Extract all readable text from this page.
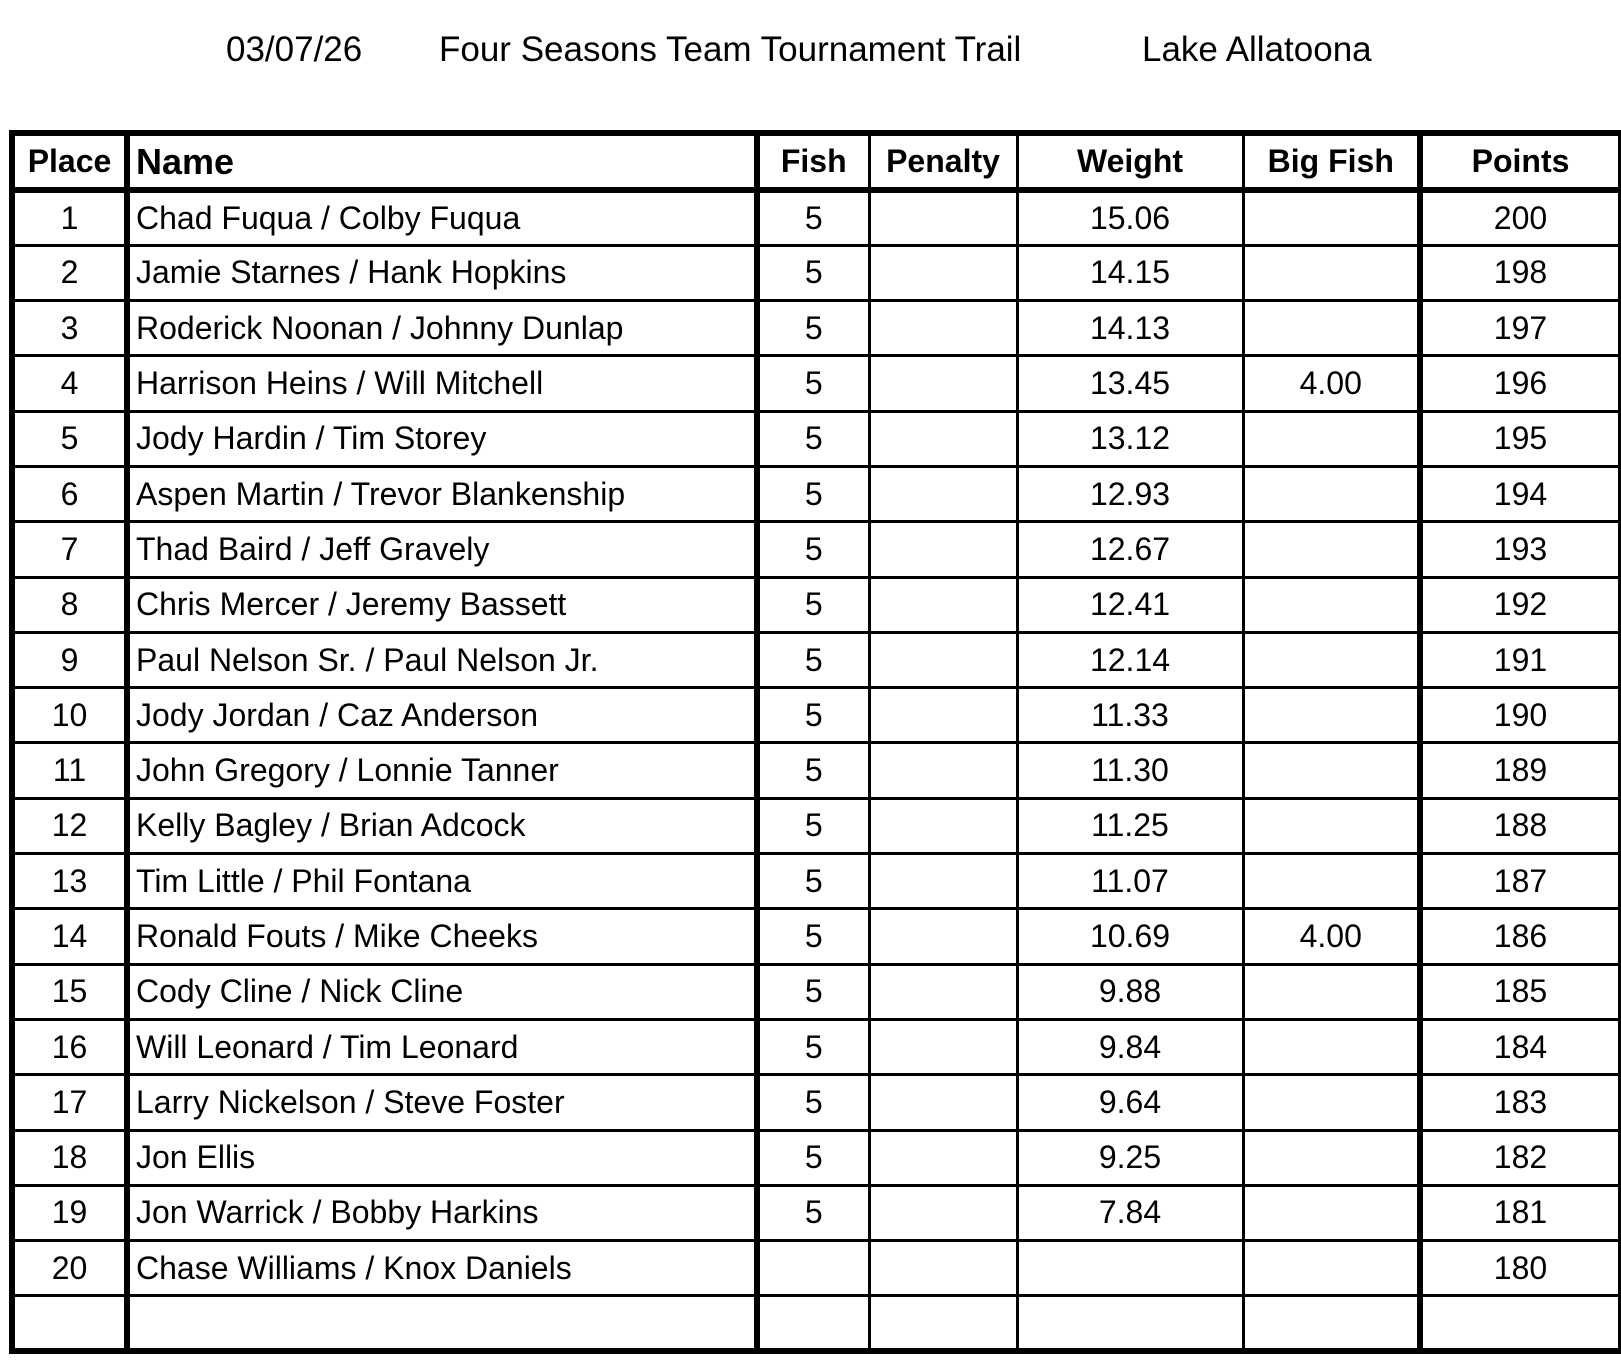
03/07/26 Four Seasons Team Tournament Trail	Lake Allatoona
Place	Name	Fish	Penalty	Weight	Big Fish	Points
1	Chad Fuqua / Colby Fuqua	5		15.06		200
2	Jamie Starnes / Hank Hopkins	5		14.15		198
3	Roderick Noonan / Johnny Dunlap	5		14.13		197
4	Harrison Heins / Will Mitchell	5		13.45	4.00	196
5	Jody Hardin / Tim Storey	5		13.12		195
6	Aspen Martin / Trevor Blankenship	5		12.93		194
7	Thad Baird / Jeff Gravely	5		12.67		193
8	Chris Mercer / Jeremy Bassett	5		12.41		192
9	Paul Nelson Sr. / Paul Nelson Jr.	5		12.14		191
10	Jody Jordan / Caz Anderson	5		11.33		190
11	John Gregory / Lonnie Tanner	5		11.30		189
12	Kelly Bagley / Brian Adcock	5		11.25		188
13	Tim Little / Phil Fontana	5		11.07		187
14	Ronald Fouts / Mike Cheeks	5		10.69	4.00	186
15	Cody Cline / Nick Cline	5		9.88		185
16	Will Leonard / Tim Leonard	5		9.84		184
17	Larry Nickelson / Steve Foster	5		9.64		183
18	Jon Ellis	5		9.25		182
19	Jon Warrick / Bobby Harkins	5		7.84		181
20	Chase Williams / Knox Daniels					180
